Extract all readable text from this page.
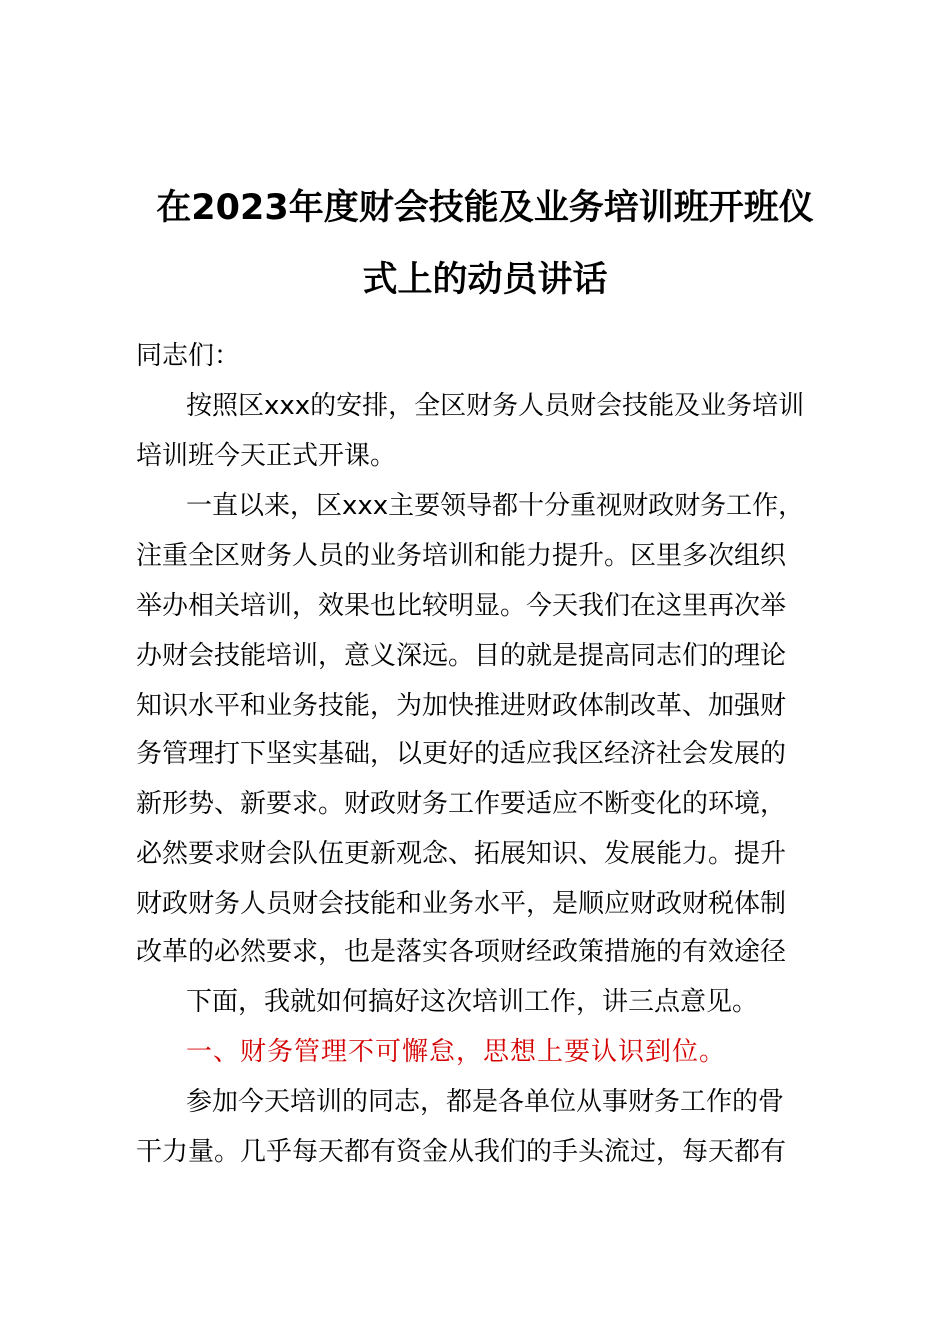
在2023年度财会技能及业务培训班开班仪
式上的动员讲话
同志们：
按照区xxx的安排，全区财务人员财会技能及业务培训
培训班今天正式开课。
一直以来，区xxx主要领导都十分重视财政财务工作，
注重全区财务人员的业务培训和能力提升。区里多次组织
举办相关培训，效果也比较明显。今天我们在这里再次举
办财会技能培训，意义深远。目的就是提高同志们的理论
知识水平和业务技能，为加快推进财政体制改革、加强财
务管理打下坚实基础，以更好的适应我区经济社会发展的
新形势、新要求。财政财务工作要适应不断变化的环境，
必然要求财会队伍更新观念、拓展知识、发展能力。提升
财政财务人员财会技能和业务水平，是顺应财政财税体制
改革的必然要求，也是落实各项财经政策措施的有效途径
下面，我就如何搞好这次培训工作，讲三点意见。
一、财务管理不可懈怠，思想上要认识到位。
参加今天培训的同志，都是各单位从事财务工作的骨
干力量。几乎每天都有资金从我们的手头流过，每天都有
